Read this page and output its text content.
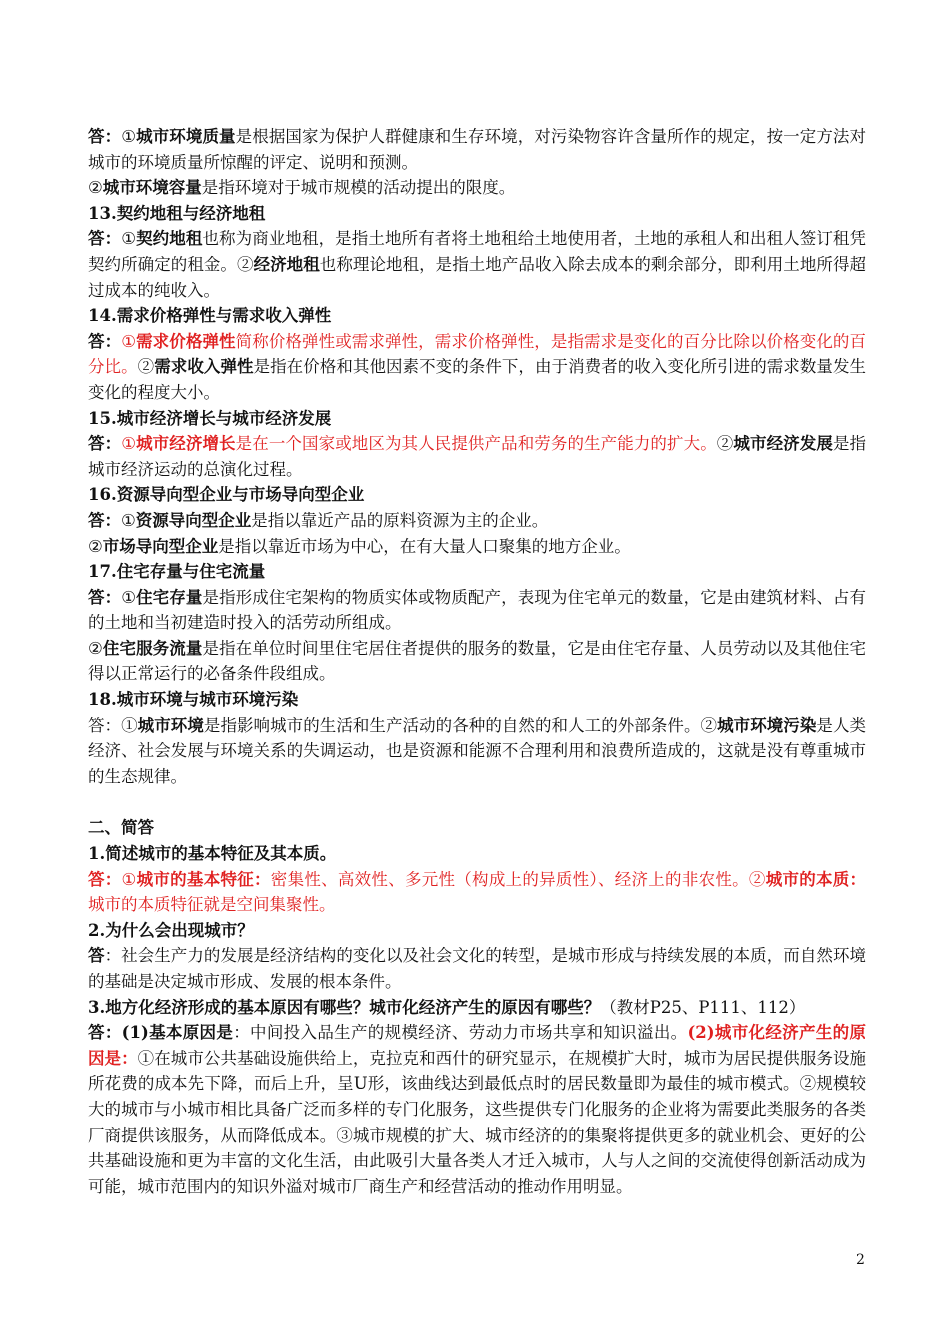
答：①城市环境质量是根据国家为保护人群健康和生存环境，对污染物容许含量所作的规定，按一定方法对城市的环境质量所惊醒的评定、说明和预测。

②城市环境容量是指环境对于城市规模的活动提出的限度。

13.契约地租与经济地租

答：①契约地租也称为商业地租，是指土地所有者将土地租给土地使用者，土地的承租人和出租人签订租凭契约所确定的租金。②经济地租也称理论地租，是指土地产品收入除去成本的剩余部分，即利用土地所得超过成本的纯收入。

14.需求价格弹性与需求收入弹性

答：①需求价格弹性简称价格弹性或需求弹性，需求价格弹性，是指需求是变化的百分比除以价格变化的百分比。②需求收入弹性是指在价格和其他因素不变的条件下，由于消费者的收入变化所引进的需求数量发生变化的程度大小。

15.城市经济增长与城市经济发展

答：①城市经济增长是在一个国家或地区为其人民提供产品和劳务的生产能力的扩大。②城市经济发展是指城市经济运动的总演化过程。

16.资源导向型企业与市场导向型企业

答：①资源导向型企业是指以靠近产品的原料资源为主的企业。

②市场导向型企业是指以靠近市场为中心，在有大量人口聚集的地方企业。

17.住宅存量与住宅流量

答：①住宅存量是指形成住宅架构的物质实体或物质配产，表现为住宅单元的数量，它是由建筑材料、占有的土地和当初建造时投入的活劳动所组成。

②住宅服务流量是指在单位时间里住宅居住者提供的服务的数量，它是由住宅存量、人员劳动以及其他住宅得以正常运行的必备条件段组成。

18.城市环境与城市环境污染

答：①城市环境是指影响城市的生活和生产活动的各种的自然的和人工的外部条件。②城市环境污染是人类经济、社会发展与环境关系的失调运动，也是资源和能源不合理利用和浪费所造成的，这就是没有尊重城市的生态规律。

二、简答

1.简述城市的基本特征及其本质。

答：①城市的基本特征：密集性、高效性、多元性（构成上的异质性）、经济上的非农性。②城市的本质：城市的本质特征就是空间集聚性。

2.为什么会出现城市？

答：社会生产力的发展是经济结构的变化以及社会文化的转型，是城市形成与持续发展的本质，而自然环境的基础是决定城市形成、发展的根本条件。

3.地方化经济形成的基本原因有哪些？城市化经济产生的原因有哪些？（教材P25、P111、112）

答：(1)基本原因是：中间投入品生产的规模经济、劳动力市场共享和知识溢出。(2)城市化经济产生的原因是：①在城市公共基础设施供给上，克拉克和西什的研究显示，在规模扩大时，城市为居民提供服务设施所花费的成本先下降，而后上升，呈U形，该曲线达到最低点时的居民数量即为最佳的城市模式。②规模较大的城市与小城市相比具备广泛而多样的专门化服务，这些提供专门化服务的企业将为需要此类服务的各类厂商提供该服务，从而降低成本。③城市规模的扩大、城市经济的的集聚将提供更多的就业机会、更好的公共基础设施和更为丰富的文化生活，由此吸引大量各类人才迁入城市，人与人之间的交流使得创新活动成为可能，城市范围内的知识外溢对城市厂商生产和经营活动的推动作用明显。

2
